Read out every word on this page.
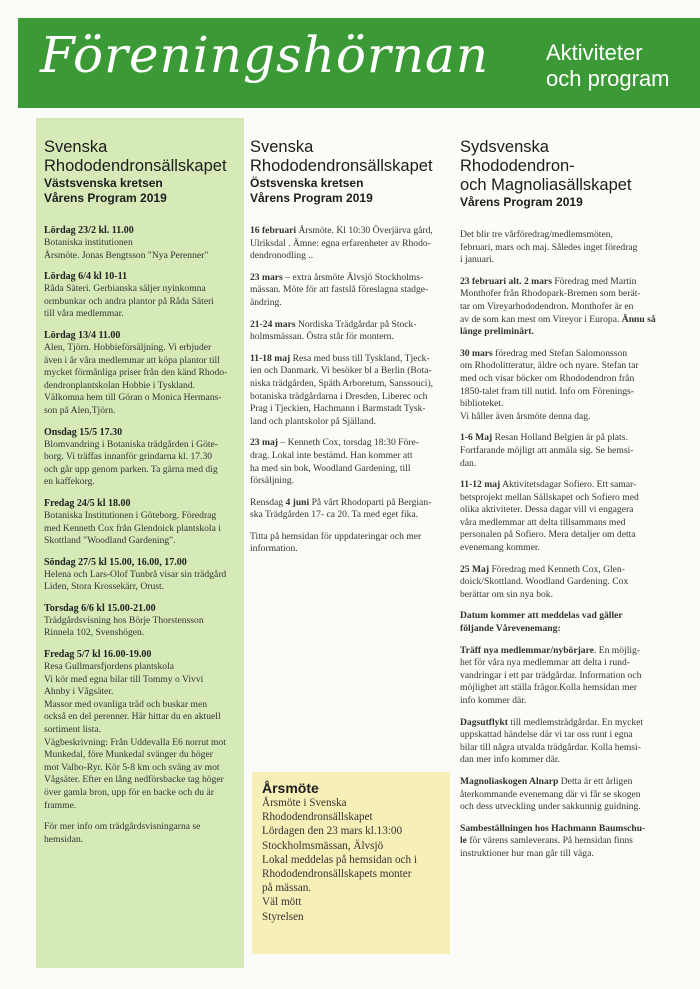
Föreningshörnan	Aktiviteter
och program
Svenska
Rhododendronsällskapet
Västsvenska kretsen
Vårens Program 2019
Lördag 23/2 kl. 11.00
Botaniska institutionen
Årsmöte. Jonas Bengtsson "Nya Perenner"
Lördag 6/4 kl 10-11
Råda Säteri. Gerbianska säljer nyinkomna
ormbunkar och andra plantor på Råda Säteri
till våra medlemmar.
Lördag 13/4 11.00
Alen, Tjörn. Hobbieförsäljning. Vi erbjuder
även i år våra medlemmar att köpa plantor till
mycket förmånliga priser från den känd Rhodo-
dendronplantskolan Hobbie i Tyskland.
Välkomna hem till Göran o Monica Hermans-
son på Alen,Tjörn.
Onsdag 15/5 17.30
Blomvandring i Botaniska trädgården i Göte-
borg. Vi träffas innanför grindarna kl. 17.30
och går upp genom parken. Ta gärna med dig
en kaffekorg.
Fredag 24/5 kl 18.00
Botaniska Institutionen i Göteborg. Föredrag
med Kenneth Cox från Glendoick plantskola i
Skottland "Woodland Gardening".
Söndag 27/5 kl 15.00, 16.00, 17.00
Helena och Lars-Olof Tunbrå visar sin trädgård
Liden, Stora Krossekärr, Orust.
Torsdag 6/6 kl 15.00-21.00
Trädgårdsvisning hos Börje Thorstensson
Rinnela 102, Svenshögen.
Fredag 5/7 kl 16.00-19.00
Resa Gullmarsfjordens plantskola
Vi kör med egna bilar till Tommy o Vivvi
Ahnby i Vågsäter.
Massor med ovanliga träd och buskar men
också en del perenner. Här hittar du en aktuell
sortiment lista.
Vägbeskrivning: Från Uddevalla E6 norrut mot
Munkedal, före Munkedal svänger du höger
mot Valbo-Ryr. Kör 5-8 km och sväng av mot
Vågsäter. Efter en lång nedförsbacke tag höger
över gamla bron, upp för en backe och du är
framme.
För mer info om trädgårdsvisningarna se
hemsidan.
Svenska
Rhododendronsällskapet
Östsvenska kretsen
Vårens Program 2019
16 februari Årsmöte. Kl 10:30 Överjärva gård,
Ulriksdal . Ämne: egna erfarenheter av Rhodo-
dendronodling ..
23 mars – extra årsmöte Älvsjö Stockholms-
mässan. Möte för att fastslå föreslagna stadge-
ändring.
21-24 mars Nordiska Trädgårdar på Stock-
holmsmässan. Östra står för montern.
11-18 maj Resa med buss till Tyskland, Tjeck-
ien och Danmark. Vi besöker bl a Berlin (Bota-
niska trädgården, Späth Arboretum, Sanssouci),
botaniska trädgårdarna i Dresden, Liberec och
Prag i Tjeckien, Hachmann i Barmstadt Tysk-
land och plantskolor på Själland.
23 maj – Kenneth Cox, torsdag 18:30 Före-
drag. Lokal inte bestämd. Han kommer att
ha med sin bok, Woodland Gardening, till
försäljning.
Rensdag 4 juni På vårt Rhodoparti på Bergian-
ska Trädgården 17- ca 20. Ta med eget fika.
Titta på hemsidan för uppdateringar och mer
information.
Årsmöte
Årsmöte i Svenska
Rhododendronsällskapet
Lördagen den 23 mars kl.13:00
Stockholmsmässan, Älvsjö
Lokal meddelas på hemsidan och i
Rhododendronsällskapets monter
på mässan.
Väl mött
Styrelsen
Sydsvenska
Rhododendron-
och Magnoliasällskapet
Vårens Program 2019
Det blir tre vårföredrag/medlemsmöten,
februari, mars och maj. Således inget föredrag
i januari.
23 februari alt. 2 mars Föredrag med Martin
Monthofer från Rhodopark-Bremen som berät-
tar om Vireyarhododendron. Monthofer är en
av de som kan mest om Vireyor i Europa. Ännu så länge preliminärt.
30 mars föredrag med Stefan Salomonsson
om Rhodolitteratur, äldre och nyare. Stefan tar
med och visar böcker om Rhododendron från
1850-talet fram till nutid. Info om Förenings-
biblioteket.
Vi håller även årsmöte denna dag.
1-6 Maj Resan Holland Belgien är på plats.
Fortfarande möjligt att anmäla sig. Se hemsi-
dan.
11-12 maj Aktivitetsdagar Sofiero. Ett samar-
betsprojekt mellan Sällskapet och Sofiero med
olika aktiviteter. Dessa dagar vill vi engagera
våra medlemmar att delta tillsammans med
personalen på Sofiero. Mera detaljer om detta
evenemang kommer.
25 Maj Föredrag med Kenneth Cox, Glen-
doick/Skottland. Woodland Gardening. Cox
berättar om sin nya bok.
Datum kommer att meddelas vad gäller
följande Vårevenemang:
Träff nya medlemmar/nybörjare. En möjlig-
het för våra nya medlemmar att delta i rund-
vandringar i ett par trädgårdar. Information och
möjlighet att ställa frågor.Kolla hemsidan mer
info kommer där.
Dagsutflykt till medlemsträdgårdar. En mycket
uppskattad händelse där vi tar oss runt i egna
bilar till några utvalda trädgårdar. Kolla hemsi-
dan mer info kommer där.
Magnoliaskogen Alnarp Detta är ett årligen
återkommande evenemang där vi får se skogen
och dess utveckling under sakkunnig guidning.
Sambeställningen hos Hachmann Baumschu-
le för värens samleverans. På hemsidan finns
instruktioner hur man går till väga.
